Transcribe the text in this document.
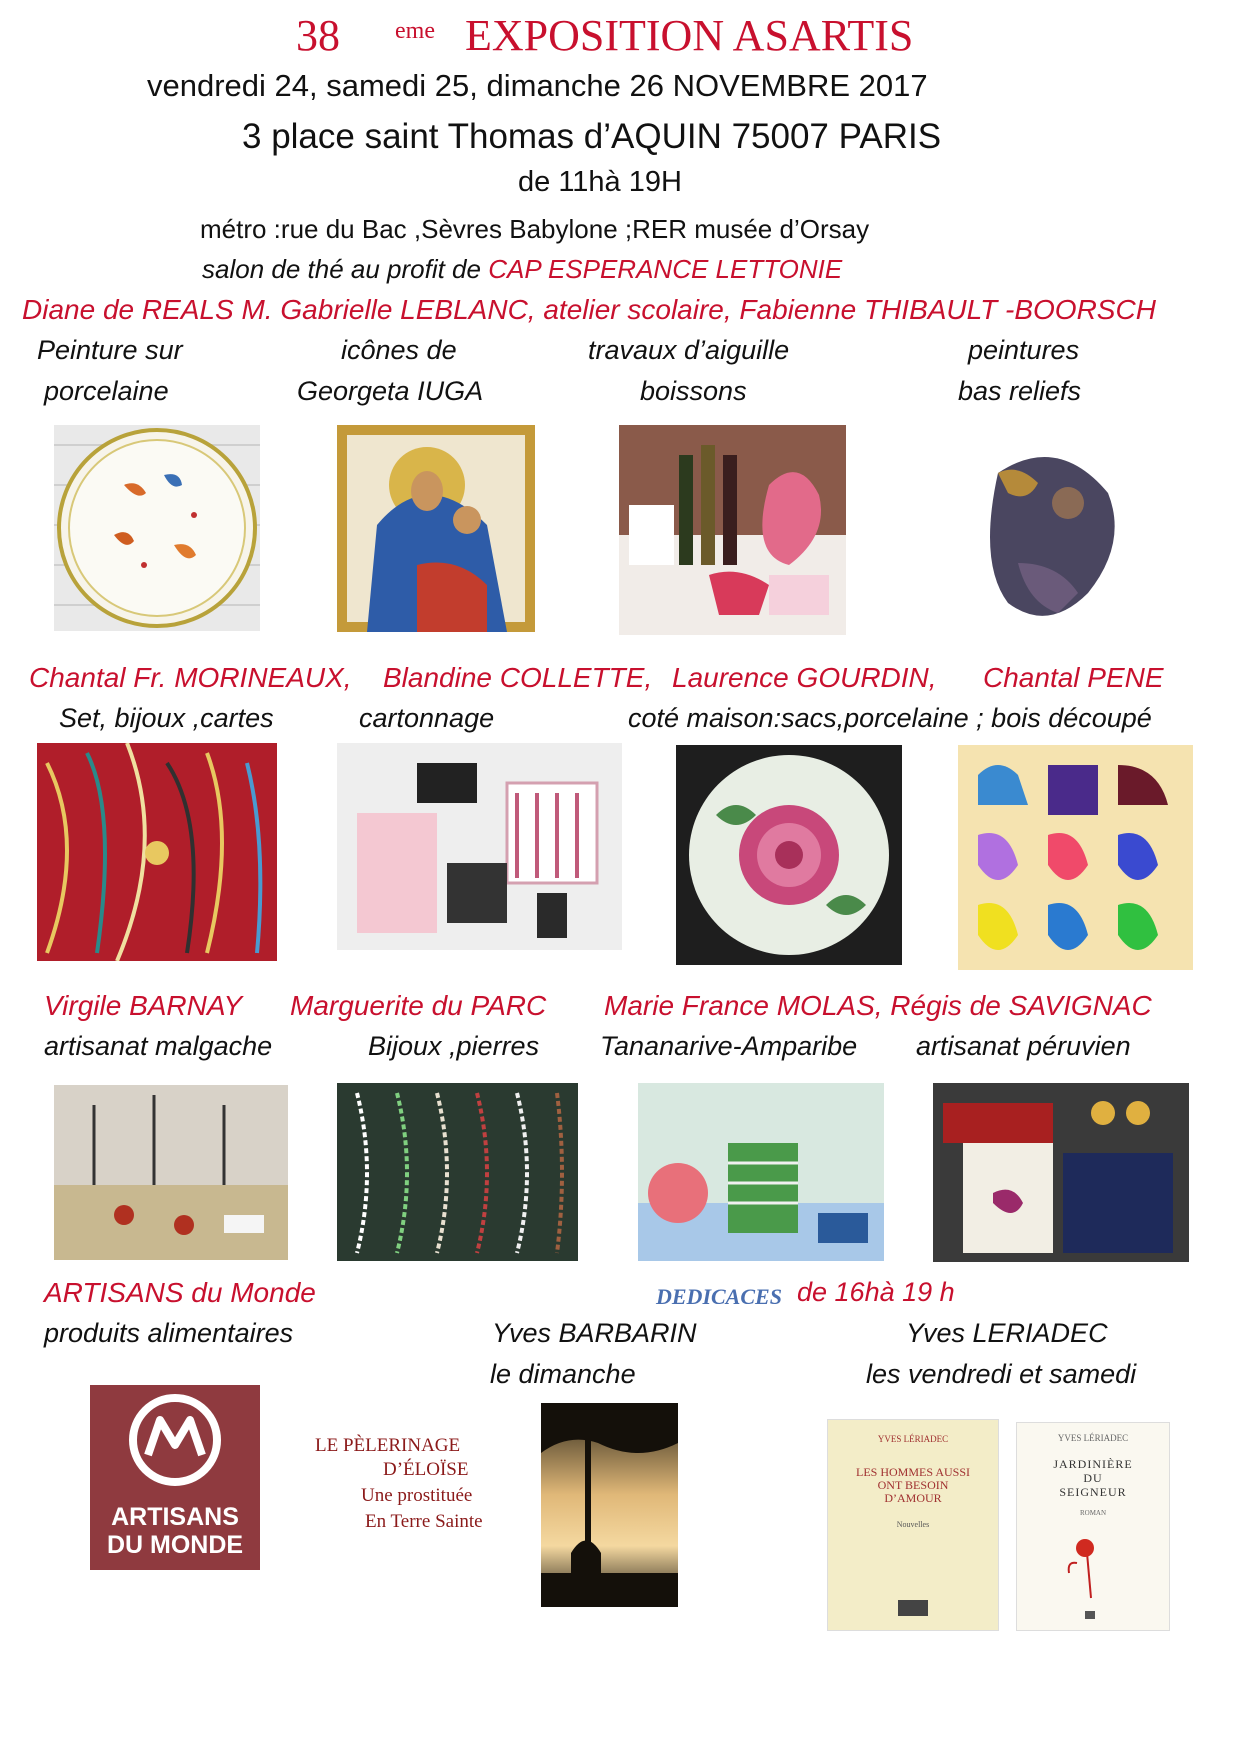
38 eme EXPOSITION ASARTIS
vendredi 24, samedi 25, dimanche 26 NOVEMBRE 2017
3 place saint Thomas d’AQUIN 75007 PARIS
de 11hà 19H
métro :rue du Bac ,Sèvres Babylone ;RER musée d’Orsay
salon de thé au profit de CAP ESPERANCE LETTONIE
Diane de REALS M. Gabrielle LEBLANC, atelier scolaire, Fabienne THIBAULT -BOORSCH
Peinture sur
porcelaine
icônes de
Georgeta IUGA
travaux d’aiguille
boissons
peintures
bas reliefs
Chantal Fr. MORINEAUX, Blandine COLLETTE, Laurence GOURDIN, Chantal PENE
Set, bijoux ,cartes	cartonnage	coté maison:sacs,porcelaine ; bois découpé
Virgile BARNAY Marguerite du PARC Marie France MOLAS, Régis de SAVIGNAC
artisanat malgache	Bijoux ,pierres Tananarive-Amparibe artisanat péruvien
ARTISANS du Monde
produits alimentaires
DEDICACES de 16hà 19 h
Yves BARBARIN
le dimanche
Yves LERIADEC
les vendredi et samedi
ARTISANS
DU MONDE
LE PÈLERINAGE
D’ÉLOÏSE
Une prostituée
En Terre Sainte
YVES LÉRIADEC
LES HOMMES AUSSI
ONT BESOIN
D’AMOUR
Nouvelles
YVES LÉRIADEC
JARDINIÈRE
DU
SEIGNEUR
ROMAN
